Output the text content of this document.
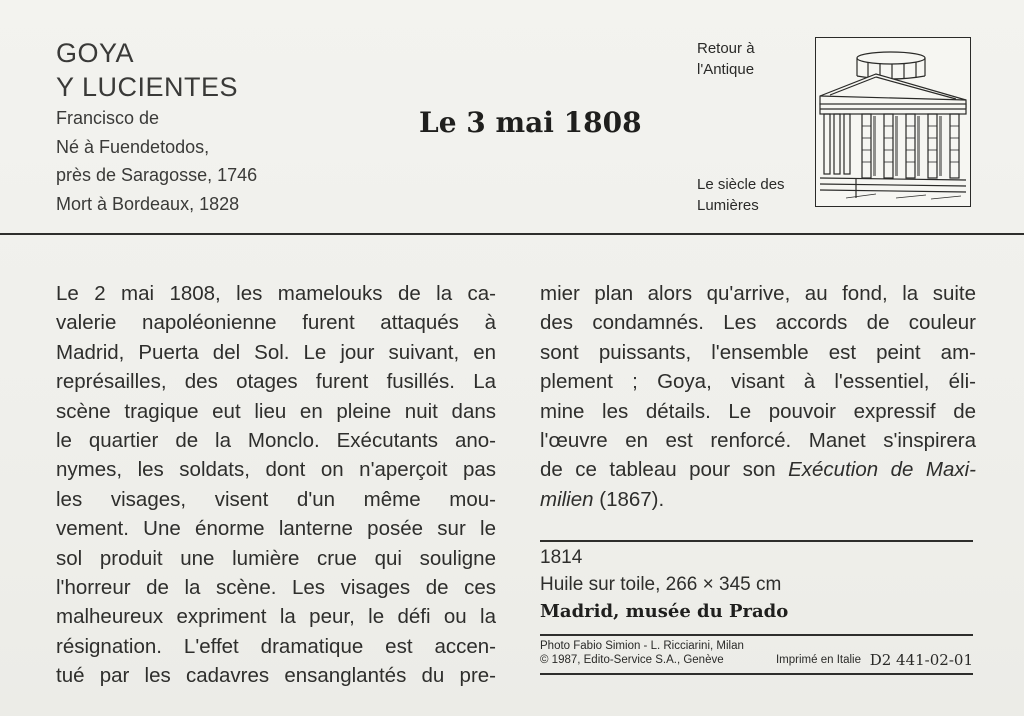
GOYA
Y LUCIENTES
Francisco de
Né à Fuendetodos,
près de Saragosse, 1746
Mort à Bordeaux, 1828
Le 3 mai 1808
Retour à
l'Antique
Le siècle des
Lumières
Le 2 mai 1808, les mamelouks de la ca-
valerie napoléonienne furent attaqués à
Madrid, Puerta del Sol. Le jour suivant, en
représailles, des otages furent fusillés. La
scène tragique eut lieu en pleine nuit dans
le quartier de la Monclo. Exécutants ano-
nymes, les soldats, dont on n'aperçoit pas
les visages, visent d'un même mou-
vement. Une énorme lanterne posée sur le
sol produit une lumière crue qui souligne
l'horreur de la scène. Les visages de ces
malheureux expriment la peur, le défi ou la
résignation. L'effet dramatique est accen-
tué par les cadavres ensanglantés du pre-
mier plan alors qu'arrive, au fond, la suite
des condamnés. Les accords de couleur
sont puissants, l'ensemble est peint am-
plement ; Goya, visant à l'essentiel, éli-
mine les détails. Le pouvoir expressif de
l'œuvre en est renforcé. Manet s'inspirera
de ce tableau pour son Exécution de Maxi-
milien (1867).
1814
Huile sur toile, 266 × 345 cm
Madrid, musée du Prado
Photo Fabio Simion - L. Ricciarini, Milan
© 1987, Edito-Service S.A., Genève	Imprimé en Italie D2 441-02-01
